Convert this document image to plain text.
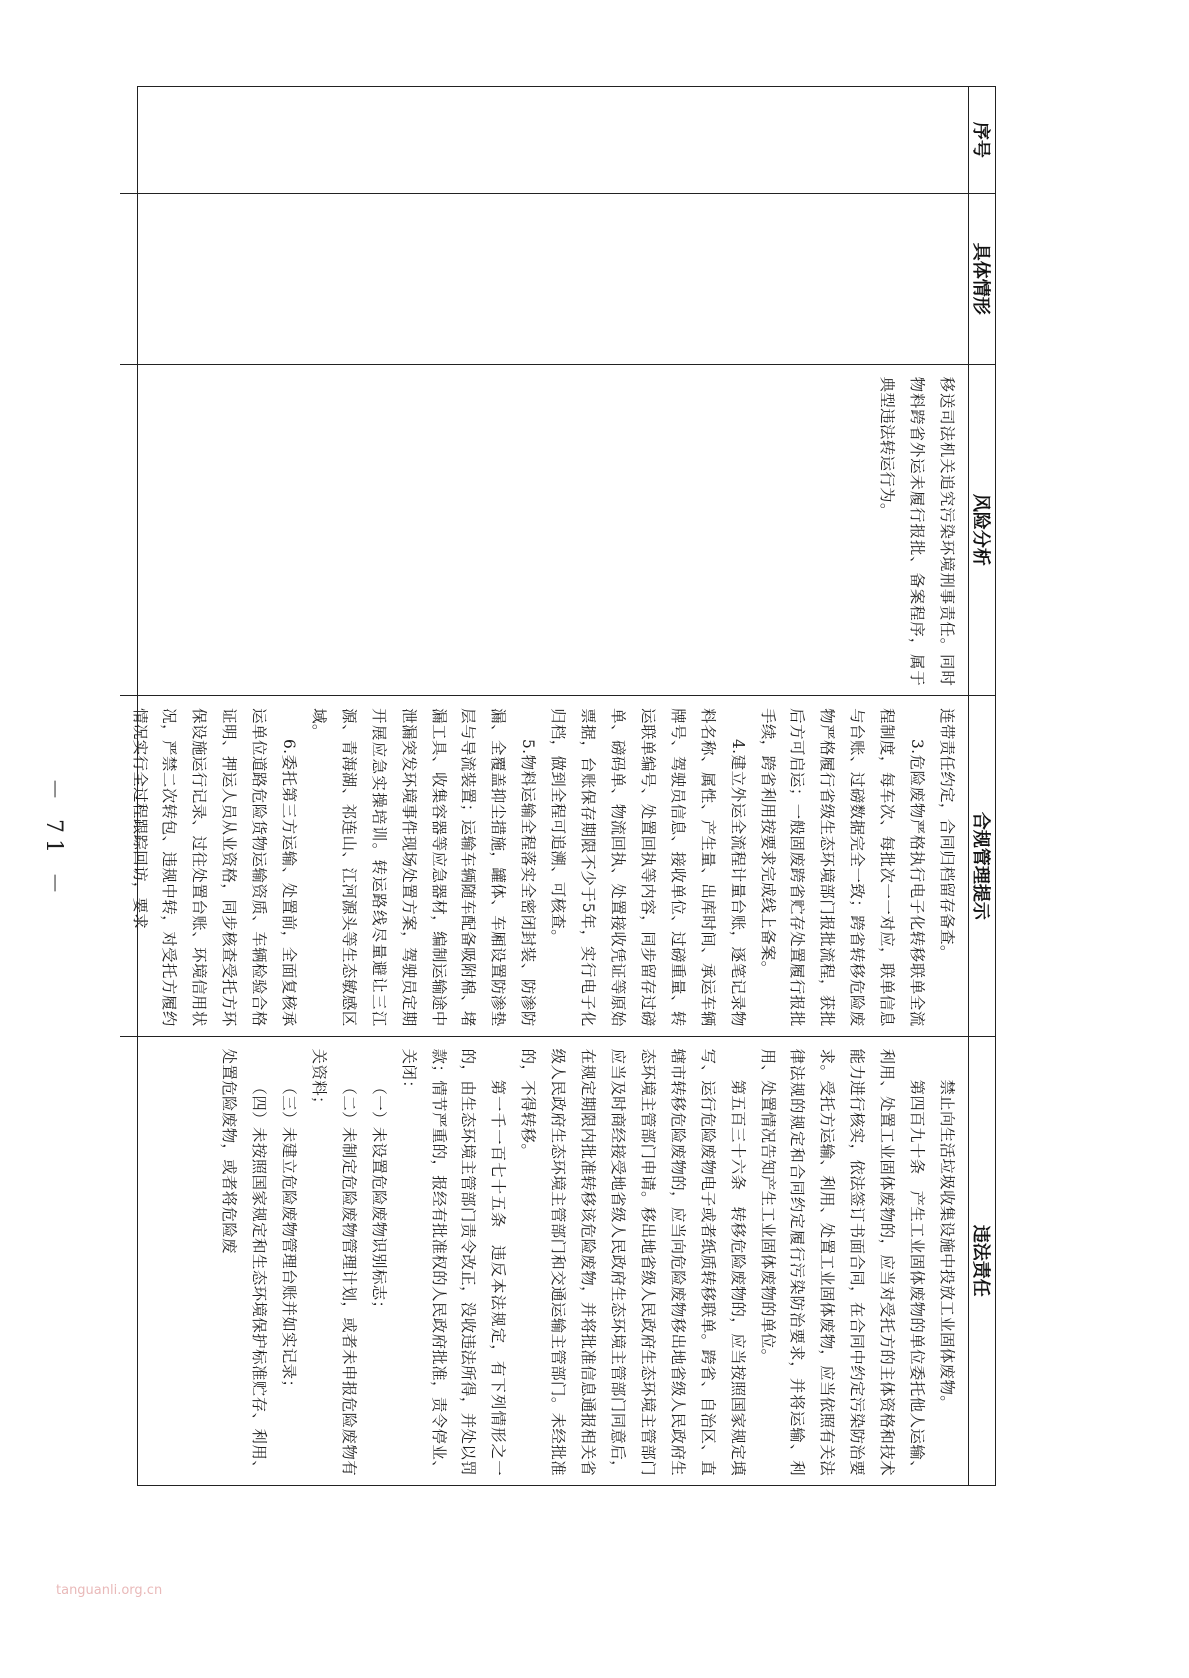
序号
具体情形
风险分析
合规管理提示
违法责任

移送司法机关追究污染环境刑事责任。同时物料跨省外运未履行报批、备案程序，属于典型违法转运行为。

连带责任约定，合同归档留存备查。

3.危险废物严格执行电子化转移联单全流程制度，每车次、每批次一一对应，联单信息与台账、过磅数据完全一致；跨省转移危险废物严格履行省级生态环境部门报批流程，获批后方可启运；一般固废跨省贮存处置履行报批手续，跨省利用按要求完成线上备案。

4.建立外运全流程计量台账，逐笔记录物料名称、属性、产生量、出库时间、承运车辆牌号、驾驶员信息、接收单位、过磅重量、转运联单编号、处置回执等内容，同步留存过磅单、磅码单、物流回执、处置接收凭证等原始票据，台账保存期限不少于5年，实行电子化归档，做到全程可追溯、可核查。

5.物料运输全程落实全密闭封装、防渗防漏、全覆盖抑尘措施，罐体、车厢设置防渗垫层与导流装置；运输车辆随车配备吸附棉、堵漏工具、收集容器等应急器材，编制运输途中泄漏突发环境事件现场处置方案，驾驶员定期开展应急实操培训。转运路线尽量避让三江源、青海湖、祁连山、江河源头等生态敏感区域。

6.委托第三方运输、处置前，全面复核承运单位道路危险货物运输资质、车辆检验合格证明、押运人员从业资格，同步核查受托方环保设施运行记录、过往处置台账、环境信用状况，严禁二次转包、违规中转，对受托方履约情况实行全过程跟踪回访，要求

禁止向生活垃圾收集设施中投放工业固体废物。

第四百九十条　产生工业固体废物的单位委托他人运输、利用、处置工业固体废物的，应当对受托方的主体资格和技术能力进行核实，依法签订书面合同，在合同中约定污染防治要求。受托方运输、利用、处置工业固体废物，应当依照有关法律法规的规定和合同约定履行污染防治要求，并将运输、利用、处置情况告知产生工业固体废物的单位。

第五百三十六条　转移危险废物的，应当按照国家规定填写、运行危险废物电子或者纸质转移联单。跨省、自治区、直辖市转移危险废物的，应当向危险废物移出地省级人民政府生态环境主管部门申请。移出地省级人民政府生态环境主管部门应当及时商经接受地省级人民政府生态环境主管部门同意后，在规定期限内批准转移该危险废物，并将批准信息通报相关省级人民政府生态环境主管部门和交通运输主管部门。未经批准的，不得转移。

第一千一百七十五条　违反本法规定，有下列情形之一的，由生态环境主管部门责令改正，没收违法所得，并处以罚款；情节严重的，报经有批准权的人民政府批准，责令停业、关闭：

（一）未设置危险废物识别标志；

（二）未制定危险废物管理计划，或者未申报危险废物有关资料；

（三）未建立危险废物管理台账并如实记录；

（四）未按照国家规定和生态环境保护标准贮存、利用、处置危险废物，或者将危险废

－ 71 －
tanguanli.org.cn
